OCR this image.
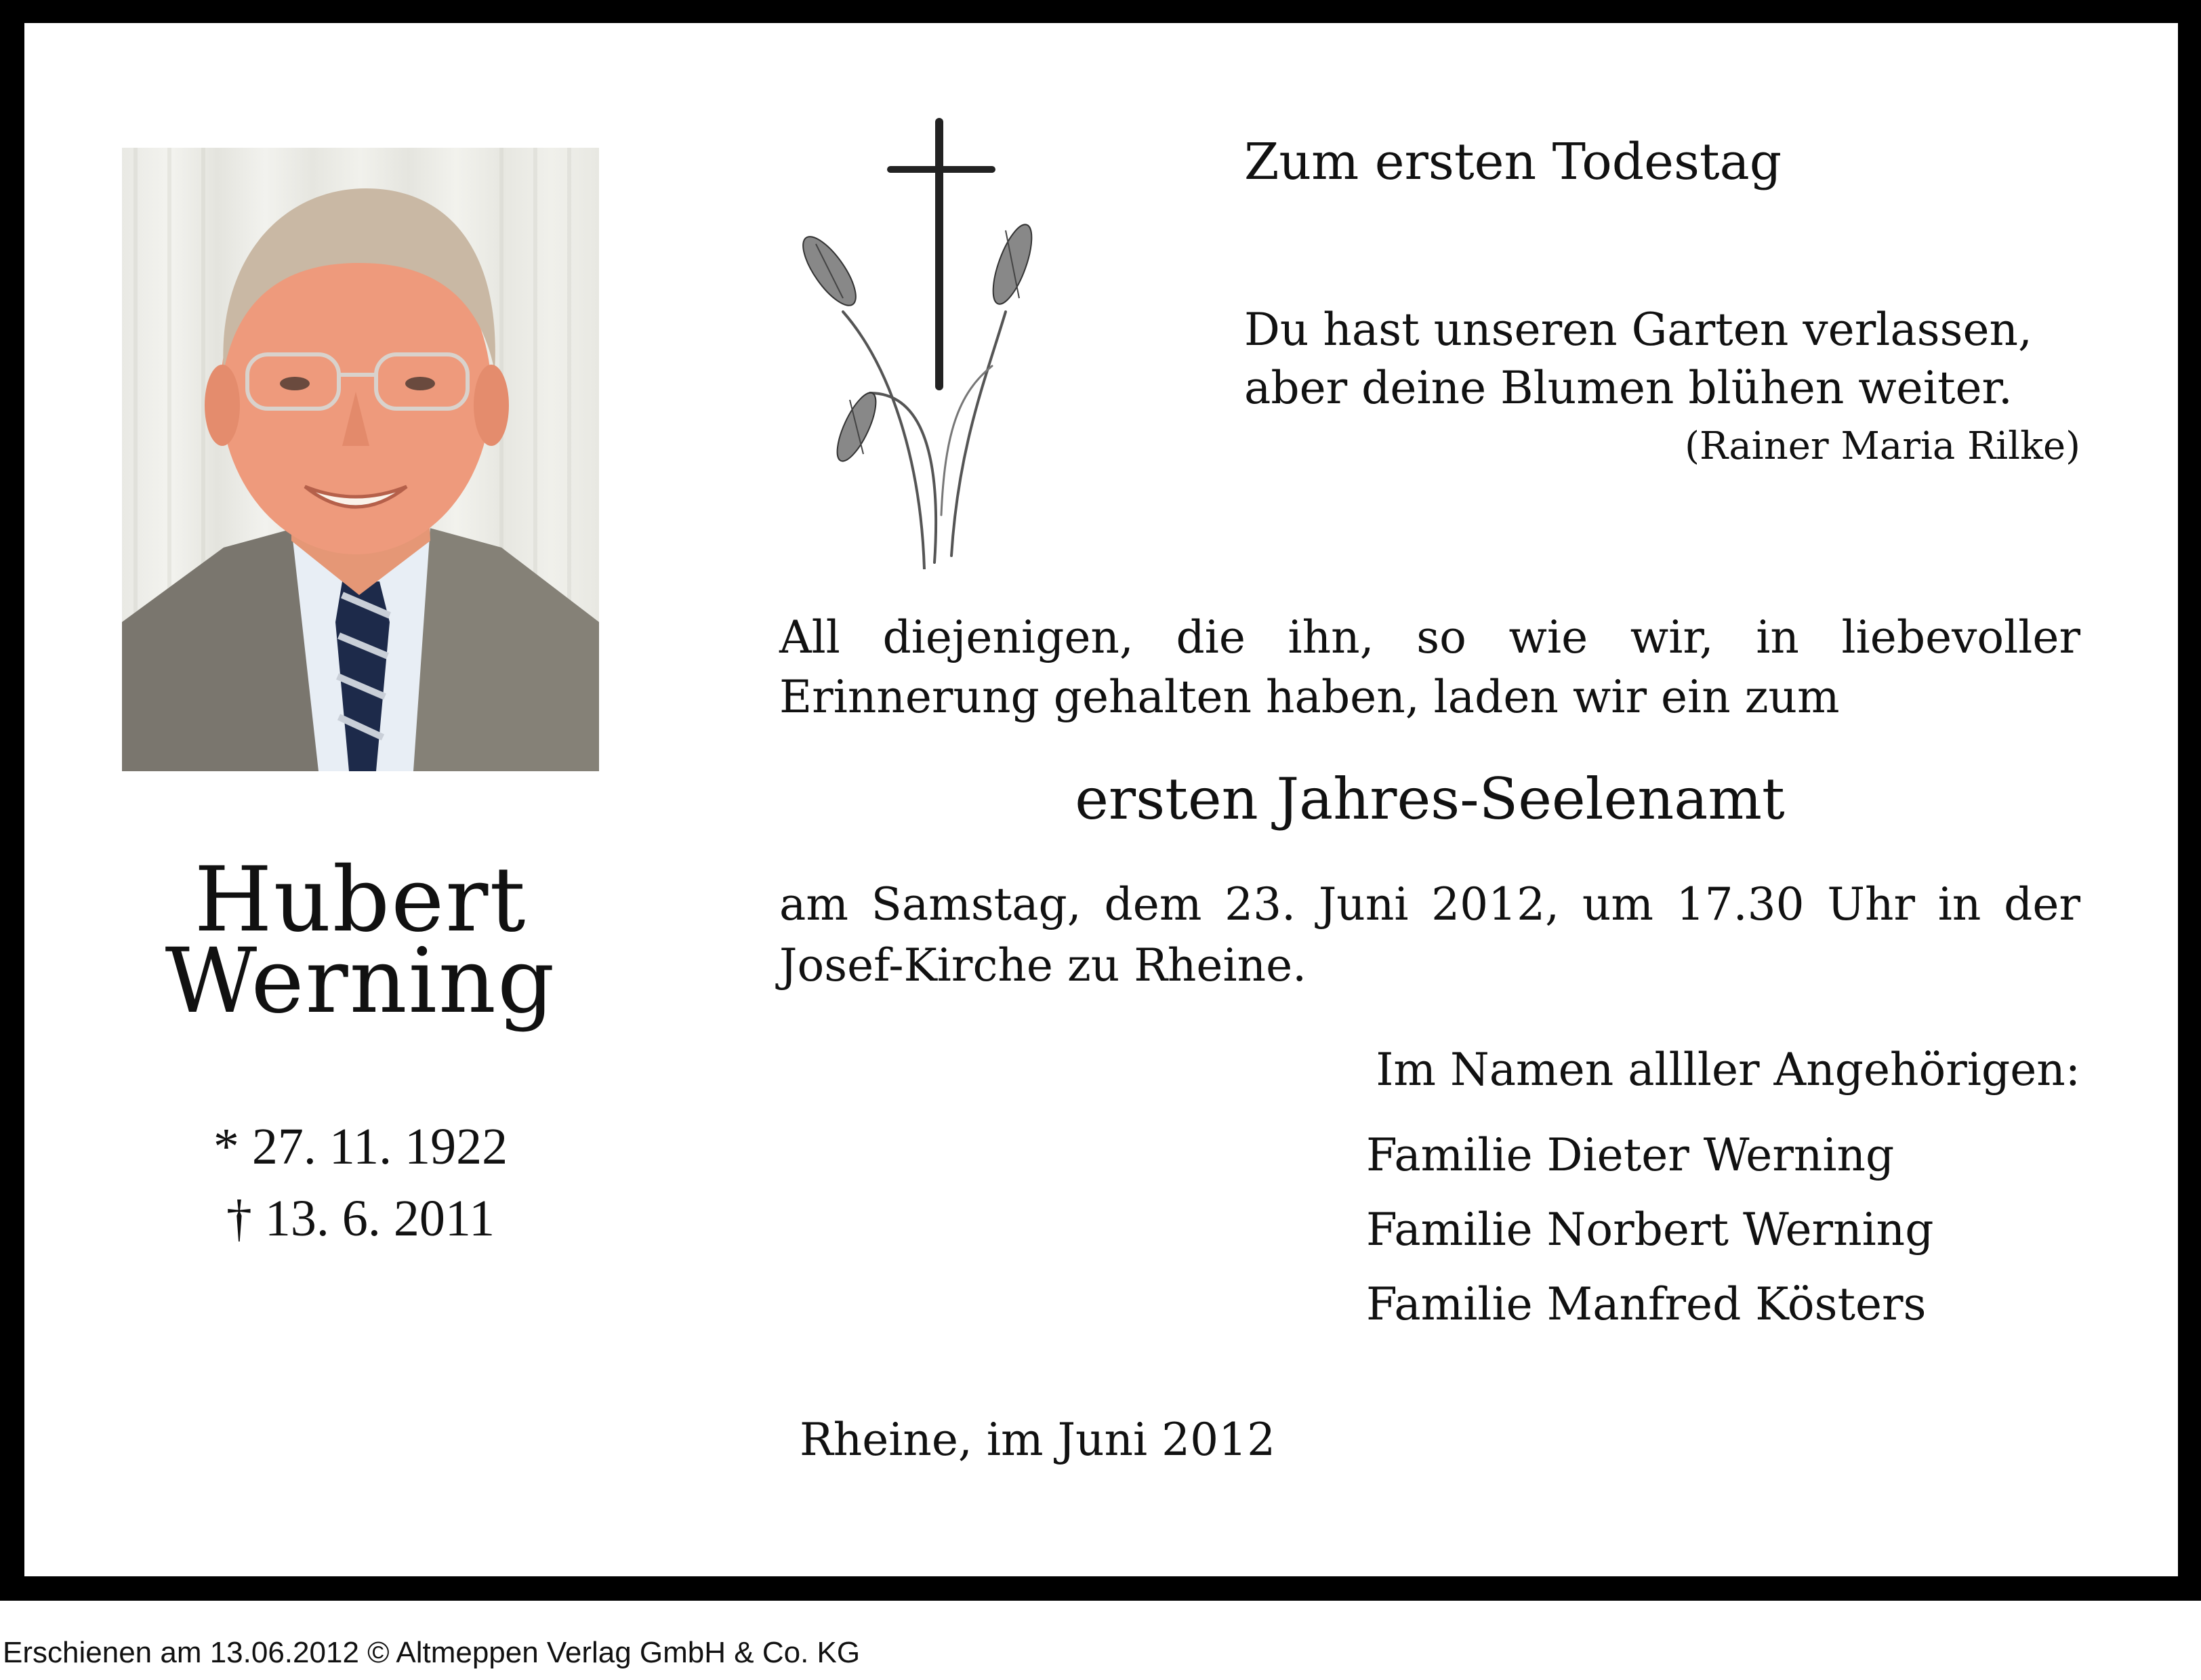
Hubert
Werning
* 27. 11. 1922
† 13. 6. 2011
Zum ersten Todestag
Du hast unseren Garten verlassen,
aber deine Blumen blühen weiter.
(Rainer Maria Rilke)
All diejenigen, die ihn, so wie wir, in liebevoller
Erinnerung gehalten haben, laden wir ein zum
ersten Jahres-Seelenamt
am Samstag, dem 23. Juni 2012, um 17.30 Uhr in der
Josef-Kirche zu Rheine.
Im Namen allller Angehörigen:
Familie Dieter Werning
Familie Norbert Werning
Familie Manfred Kösters
Rheine, im Juni 2012
Erschienen am 13.06.2012 © Altmeppen Verlag GmbH & Co. KG
